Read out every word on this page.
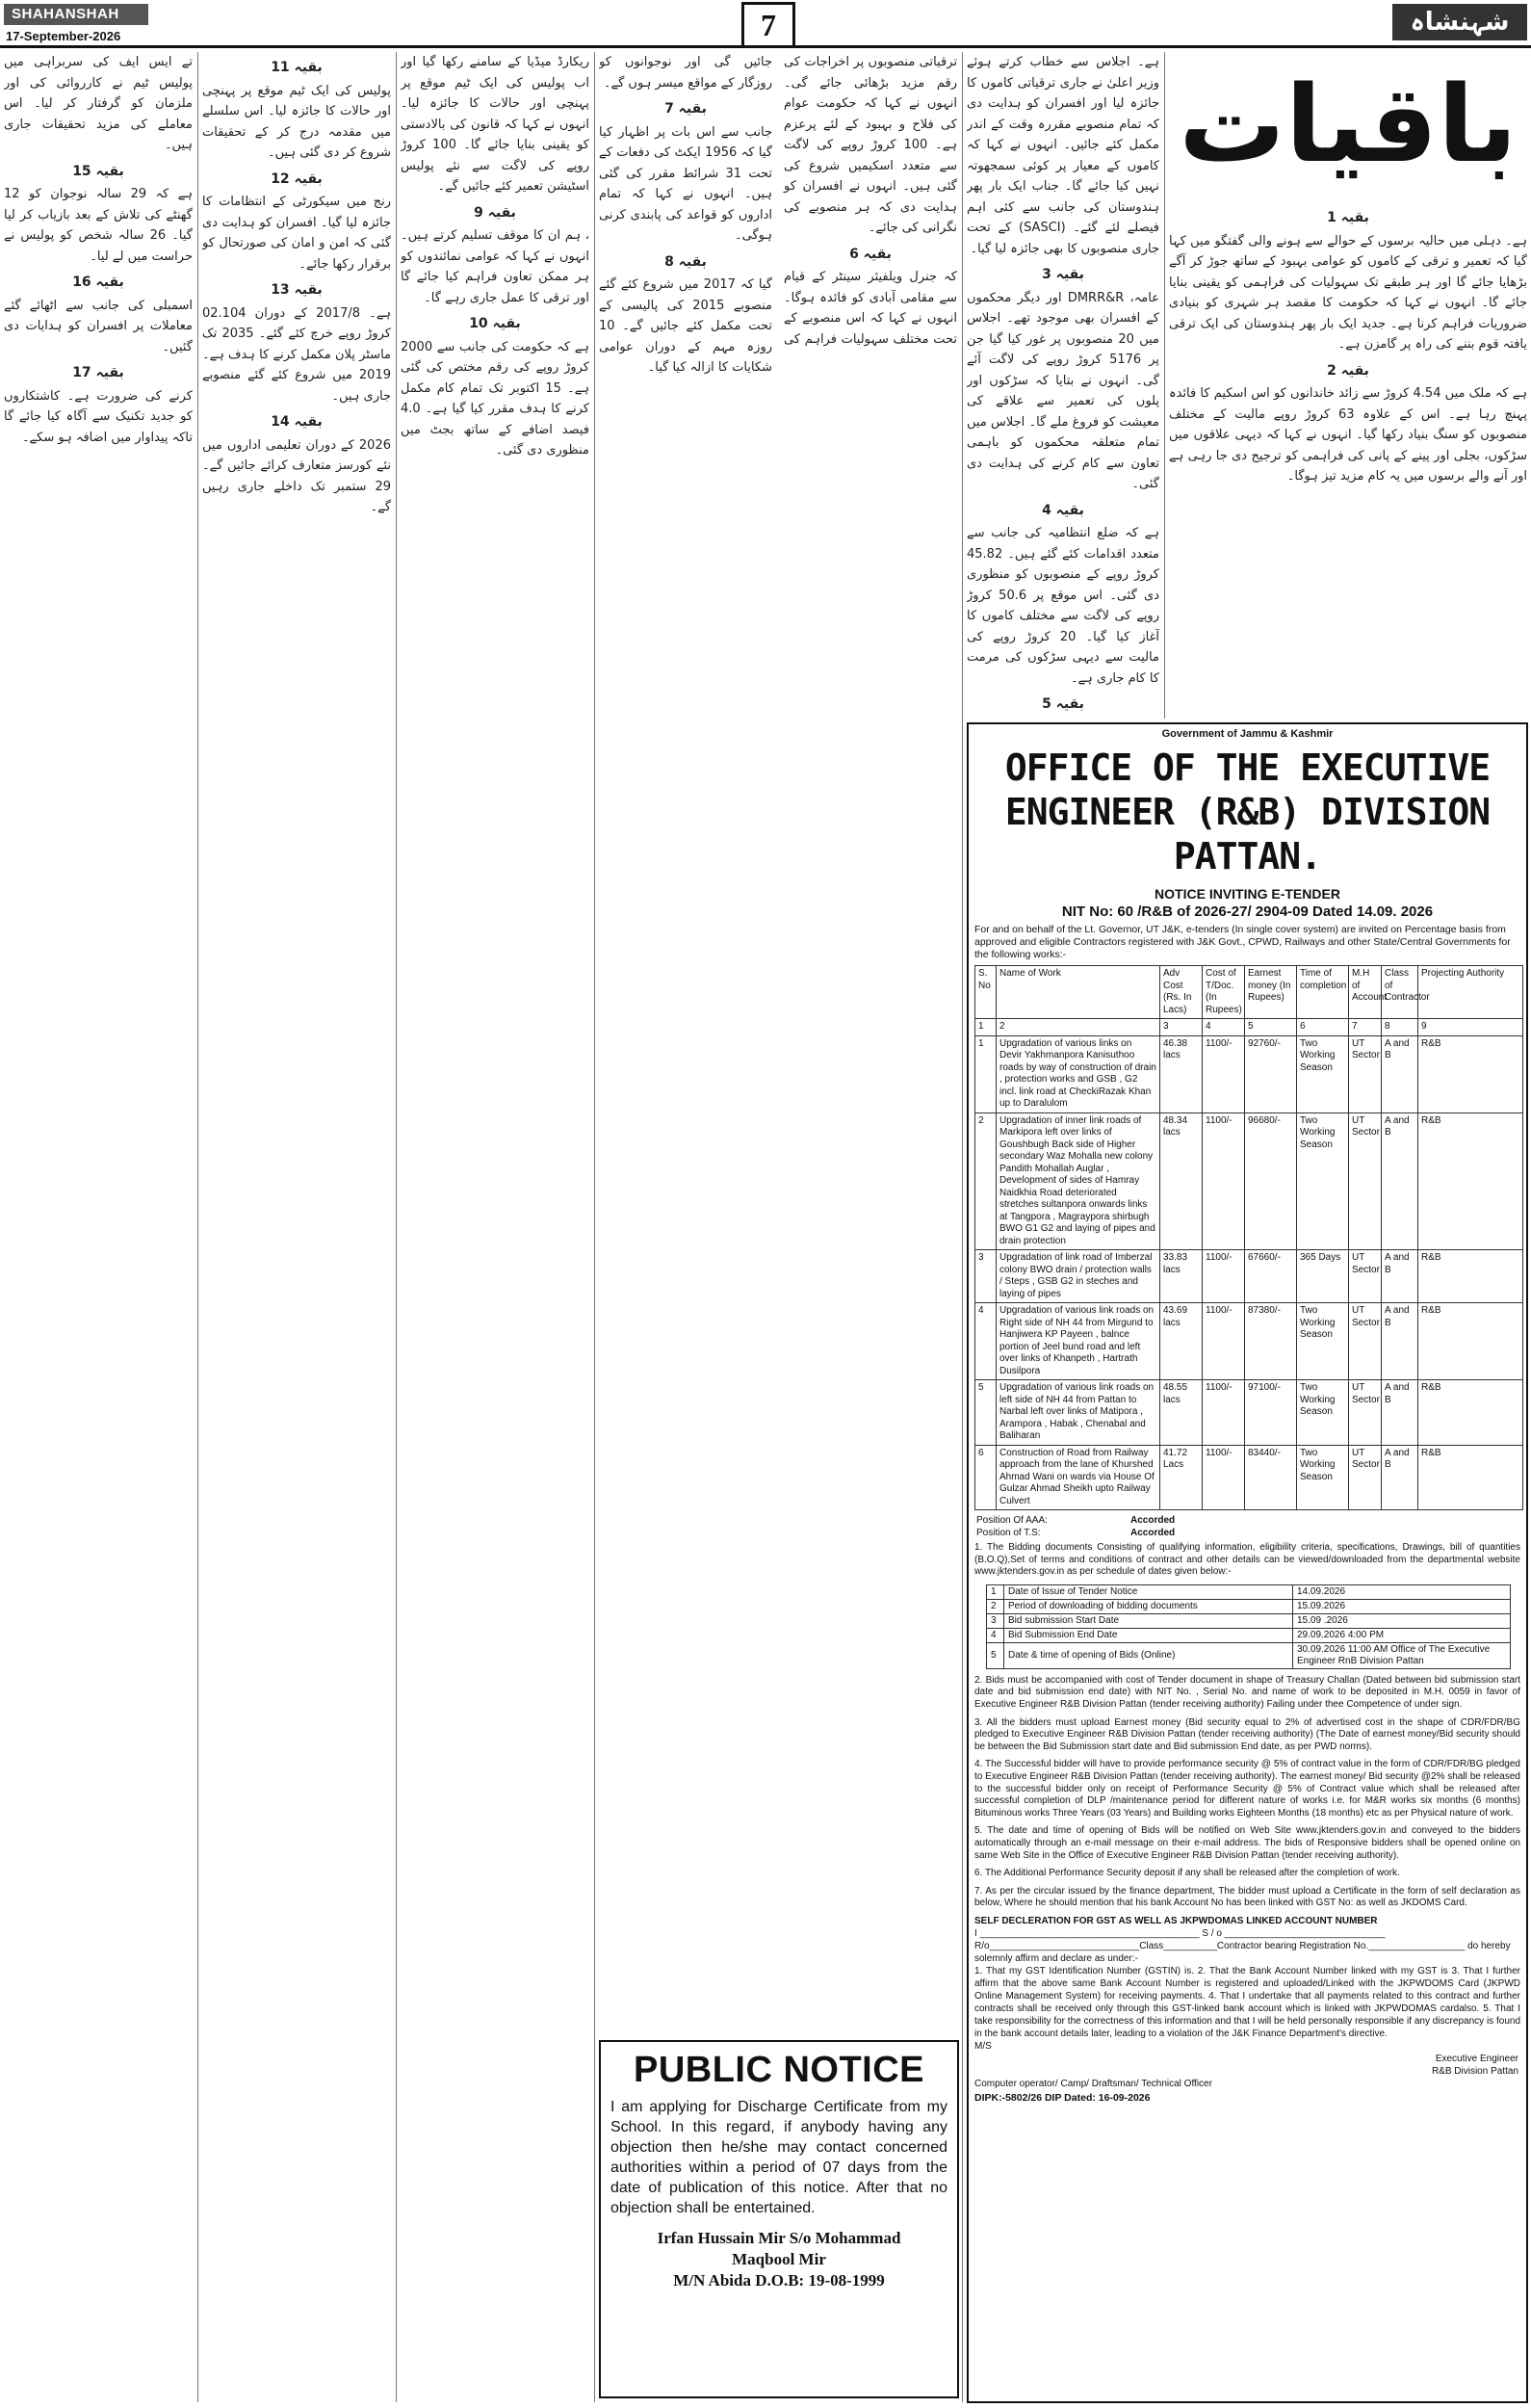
SHAHANSHAH
17-September-2026	7	شہنشاہ
باقیات
بقیہ 1

ہے۔ دہلی میں حالیہ برسوں کے حوالے سے ہونے والی گفتگو میں کہا گیا کہ تعمیر و ترقی کے کاموں کو عوامی بہبود کے ساتھ جوڑ کر آگے بڑھایا جائے گا اور ہر طبقے تک سہولیات کی فراہمی کو یقینی بنایا جائے گا۔ انہوں نے کہا کہ حکومت کا مقصد ہر شہری کو بنیادی ضروریات فراہم کرنا ہے۔ جدید ایک بار پھر ہندوستان کی ایک ترقی یافتہ قوم بننے کی راہ پر گامزن ہے۔

بقیہ 2

ہے کہ ملک میں 4.54 کروڑ سے زائد خاندانوں کو اس اسکیم کا فائدہ پہنچ رہا ہے۔ اس کے علاوہ 63 کروڑ روپے مالیت کے مختلف منصوبوں کو سنگ بنیاد رکھا گیا۔ انہوں نے کہا کہ دیہی علاقوں میں سڑکوں، بجلی اور پینے کے پانی کی فراہمی کو ترجیح دی جا رہی ہے اور آنے والے برسوں میں یہ کام مزید تیز ہوگا۔

ہے۔ اجلاس سے خطاب کرتے ہوئے وزیر اعلیٰ نے جاری ترقیاتی کاموں کا جائزہ لیا اور افسران کو ہدایت دی کہ تمام منصوبے مقررہ وقت کے اندر مکمل کئے جائیں۔ انہوں نے کہا کہ کاموں کے معیار پر کوئی سمجھوتہ نہیں کیا جائے گا۔ جناب ایک بار پھر ہندوستان کی جانب سے کئی اہم فیصلے لئے گئے۔ (SASCI) کے تحت جاری منصوبوں کا بھی جائزہ لیا گیا۔

بقیہ 3

عامہ، DMRR&R اور دیگر محکموں کے افسران بھی موجود تھے۔ اجلاس میں 20 منصوبوں پر غور کیا گیا جن پر 5176 کروڑ روپے کی لاگت آئے گی۔ انہوں نے بتایا کہ سڑکوں اور پلوں کی تعمیر سے علاقے کی معیشت کو فروغ ملے گا۔ اجلاس میں تمام متعلقہ محکموں کو باہمی تعاون سے کام کرنے کی ہدایت دی گئی۔

بقیہ 4

ہے کہ ضلع انتظامیہ کی جانب سے متعدد اقدامات کئے گئے ہیں۔ 45.82 کروڑ روپے کے منصوبوں کو منظوری دی گئی۔ اس موقع پر 50.6 کروڑ روپے کی لاگت سے مختلف کاموں کا آغاز کیا گیا۔ 20 کروڑ روپے کی مالیت سے دیہی سڑکوں کی مرمت کا کام جاری ہے۔

بقیہ 5

ترقیاتی منصوبوں پر اخراجات کی رقم مزید بڑھائی جائے گی۔ انہوں نے کہا کہ حکومت عوام کی فلاح و بہبود کے لئے پرعزم ہے۔ 100 کروڑ روپے کی لاگت سے متعدد اسکیمیں شروع کی گئی ہیں۔ انہوں نے افسران کو ہدایت دی کہ ہر منصوبے کی نگرانی کی جائے۔

بقیہ 6

کہ جنرل ویلفیئر سینٹر کے قیام سے مقامی آبادی کو فائدہ ہوگا۔ انہوں نے کہا کہ اس منصوبے کے تحت مختلف سہولیات فراہم کی جائیں گی اور نوجوانوں کو روزگار کے مواقع میسر ہوں گے۔

بقیہ 7

جانب سے اس بات پر اظہار کیا گیا کہ 1956 ایکٹ کی دفعات کے تحت 31 شرائط مقرر کی گئی ہیں۔ انہوں نے کہا کہ تمام اداروں کو قواعد کی پابندی کرنی ہوگی۔

بقیہ 8

گیا کہ 2017 میں شروع کئے گئے منصوبے 2015 کی پالیسی کے تحت مکمل کئے جائیں گے۔ 10 روزہ مہم کے دوران عوامی شکایات کا ازالہ کیا گیا۔

ریکارڈ میڈیا کے سامنے رکھا گیا اور اب پولیس کی ایک ٹیم موقع پر پہنچی اور حالات کا جائزہ لیا۔ انہوں نے کہا کہ قانون کی بالادستی کو یقینی بنایا جائے گا۔ 100 کروڑ روپے کی لاگت سے نئے پولیس اسٹیشن تعمیر کئے جائیں گے۔

بقیہ 9

، ہم ان کا موقف تسلیم کرتے ہیں۔ انہوں نے کہا کہ عوامی نمائندوں کو ہر ممکن تعاون فراہم کیا جائے گا اور ترقی کا عمل جاری رہے گا۔

بقیہ 10

ہے کہ حکومت کی جانب سے 2000 کروڑ روپے کی رقم مختص کی گئی ہے۔ 15 اکتوبر تک تمام کام مکمل کرنے کا ہدف مقرر کیا گیا ہے۔ 4.0 فیصد اضافے کے ساتھ بجٹ میں منظوری دی گئی۔

بقیہ 11

پولیس کی ایک ٹیم موقع پر پہنچی اور حالات کا جائزہ لیا۔ اس سلسلے میں مقدمہ درج کر کے تحقیقات شروع کر دی گئی ہیں۔

بقیہ 12

رنج میں سیکورٹی کے انتظامات کا جائزہ لیا گیا۔ افسران کو ہدایت دی گئی کہ امن و امان کی صورتحال کو برقرار رکھا جائے۔

بقیہ 13

ہے۔ 2017/8 کے دوران 02.104 کروڑ روپے خرچ کئے گئے۔ 2035 تک ماسٹر پلان مکمل کرنے کا ہدف ہے۔ 2019 میں شروع کئے گئے منصوبے جاری ہیں۔

بقیہ 14

2026 کے دوران تعلیمی اداروں میں نئے کورسز متعارف کرائے جائیں گے۔ 29 ستمبر تک داخلے جاری رہیں گے۔

تے ایس ایف کی سربراہی میں پولیس ٹیم نے کارروائی کی اور ملزمان کو گرفتار کر لیا۔ اس معاملے کی مزید تحقیقات جاری ہیں۔

بقیہ 15

ہے کہ 29 سالہ نوجوان کو 12 گھنٹے کی تلاش کے بعد بازیاب کر لیا گیا۔ 26 سالہ شخص کو پولیس نے حراست میں لے لیا۔

بقیہ 16

اسمبلی کی جانب سے اٹھائے گئے معاملات پر افسران کو ہدایات دی گئیں۔

بقیہ 17

کرنے کی ضرورت ہے۔ کاشتکاروں کو جدید تکنیک سے آگاہ کیا جائے گا تاکہ پیداوار میں اضافہ ہو سکے۔

Government of Jammu & Kashmir
OFFICE OF THE EXECUTIVE ENGINEER (R&B) DIVISION PATTAN.
NOTICE INVITING E-TENDER
NIT No: 60 /R&B of 2026-27/ 2904-09 Dated 14.09. 2026
For and on behalf of the Lt. Governor, UT J&K, e-tenders (In single cover system) are invited on Percentage basis from approved and eligible Contractors registered with J&K Govt., CPWD, Railways and other State/Central Governments for the following works:-
S. No	Name of Work	Adv Cost (Rs. In Lacs)	Cost of T/Doc. (In Rupees)	Earnest money (In Rupees)	Time of completion	M.H of Account	Class of Contractor	Projecting Authority
1	2	3	4	5	6	7	8	9
1	Upgradation of various links on Devir Yakhmanpora Kanisuthoo roads by way of construction of drain , protection works and GSB , G2 incl. link road at CheckiRazak Khan up to Daralulom	46.38 lacs	1100/-	92760/-	Two Working Season	UT Sector	A and B	R&B
2	Upgradation of inner link roads of Markipora left over links of Goushbugh Back side of Higher secondary Waz Mohalla new colony Pandith Mohallah Auglar , Development of sides of Hamray Naidkhia Road deteriorated stretches sultanpora onwards links at Tangpora , Magraypora shirbugh BWO G1 G2 and laying of pipes and drain protection	48.34 lacs	1100/-	96680/-	Two Working Season	UT Sector	A and B	R&B
3	Upgradation of link road of Imberzal colony BWO drain / protection walls / Steps , GSB G2 in steches and laying of pipes	33.83 lacs	1100/-	67660/-	365 Days	UT Sector	A and B	R&B
4	Upgradation of various link roads on Right side of NH 44 from Mirgund to Hanjiwera KP Payeen , balnce portion of Jeel bund road and left over links of Khanpeth , Hartrath Dusilpora	43.69 lacs	1100/-	87380/-	Two Working Season	UT Sector	A and B	R&B
5	Upgradation of various link roads on left side of NH 44 from Pattan to Narbal left over links of Matipora , Arampora , Habak , Chenabal and Baliharan	48.55 lacs	1100/-	97100/-	Two Working Season	UT Sector	A and B	R&B
6	Construction of Road from Railway approach from the lane of Khurshed Ahmad Wani on wards via House Of Gulzar Ahmad Sheikh upto Railway Culvert	41.72 Lacs	1100/-	83440/-	Two Working Season	UT Sector	A and B	R&B
Position Of AAA:	Accorded
Position of T.S:	Accorded
1. The Bidding documents Consisting of qualifying information, eligibility criteria, specifications, Drawings, bill of quantities (B.O.Q),Set of terms and conditions of contract and other details can be viewed/downloaded from the departmental website www.jktenders.gov.in as per schedule of dates given below:-
1	Date of Issue of Tender Notice	14.09.2026
2	Period of downloading of bidding documents	15.09.2026
3	Bid submission Start Date	15.09 .2026
4	Bid Submission End Date	29.09.2026 4:00 PM
5	Date & time of opening of Bids (Online)	30.09.2026 11:00 AM Office of The Executive Engineer RnB Division Pattan
2. Bids must be accompanied with cost of Tender document in shape of Treasury Challan (Dated between bid submission start date and bid submission end date) with NIT No. , Serial No. and name of work to be deposited in M.H. 0059 in favor of Executive Engineer R&B Division Pattan (tender receiving authority) Failing under thee Competence of under sign.
3. All the bidders must upload Earnest money (Bid security equal to 2% of advertised cost in the shape of CDR/FDR/BG pledged to Executive Engineer R&B Division Pattan (tender receiving authority) (The Date of earnest money/Bid security should be between the Bid Submission start date and Bid submission End date, as per PWD norms).
4. The Successful bidder will have to provide performance security @ 5% of contract value in the form of CDR/FDR/BG pledged to Executive Engineer R&B Division Pattan (tender receiving authority). The earnest money/ Bid security @2% shall be released to the successful bidder only on receipt of Performance Security @ 5% of Contract value which shall be released after successful completion of DLP /maintenance period for different nature of works i.e. for M&R works six months (6 months) Bituminous works Three Years (03 Years) and Building works Eighteen Months (18 months) etc as per Physical nature of work.
5. The date and time of opening of Bids will be notified on Web Site www.jktenders.gov.in and conveyed to the bidders automatically through an e-mail message on their e-mail address. The bids of Responsive bidders shall be opened online on same Web Site in the Office of Executive Engineer R&B Division Pattan (tender receiving authority).
6. The Additional Performance Security deposit if any shall be released after the completion of work.
7. As per the circular issued by the finance department, The bidder must upload a Certificate in the form of self declaration as below, Where he should mention that his bank Account No has been linked with GST No: as well as JKDOMS Card.
SELF DECLERATION FOR GST AS WELL AS JKPWDOMAS LINKED ACCOUNT NUMBER
I _________________________________________ S / o ______________________________
R/o____________________________Class__________Contractor bearing Registration No.__________________ do hereby solemnly affirm and declare as under:-
1. That my GST Identification Number (GSTIN) is. 2. That the Bank Account Number linked with my GST is 3. That I further affirm that the above same Bank Account Number is registered and uploaded/Linked with the JKPWDOMS Card (JKPWD Online Management System) for receiving payments. 4. That I undertake that all payments related to this contract and further contracts shall be received only through this GST-linked bank account which is linked with JKPWDOMAS cardalso. 5. That I take responsibility for the correctness of this information and that I will be held personally responsible if any discrepancy is found in the bank account details later, leading to a violation of the J&K Finance Department's directive.
M/S
Executive Engineer
R&B Division Pattan
Computer operator/ Camp/ Draftsman/ Technical Officer
DIPK:-5802/26 DIP Dated: 16-09-2026
PUBLIC NOTICE
I am applying for Discharge Certificate from my School. In this regard, if anybody having any objection then he/she may contact concerned authorities within a period of 07 days from the date of publication of this notice. After that no objection shall be entertained.
Irfan Hussain Mir S/o Mohammad
Maqbool Mir
M/N Abida D.O.B: 19-08-1999
